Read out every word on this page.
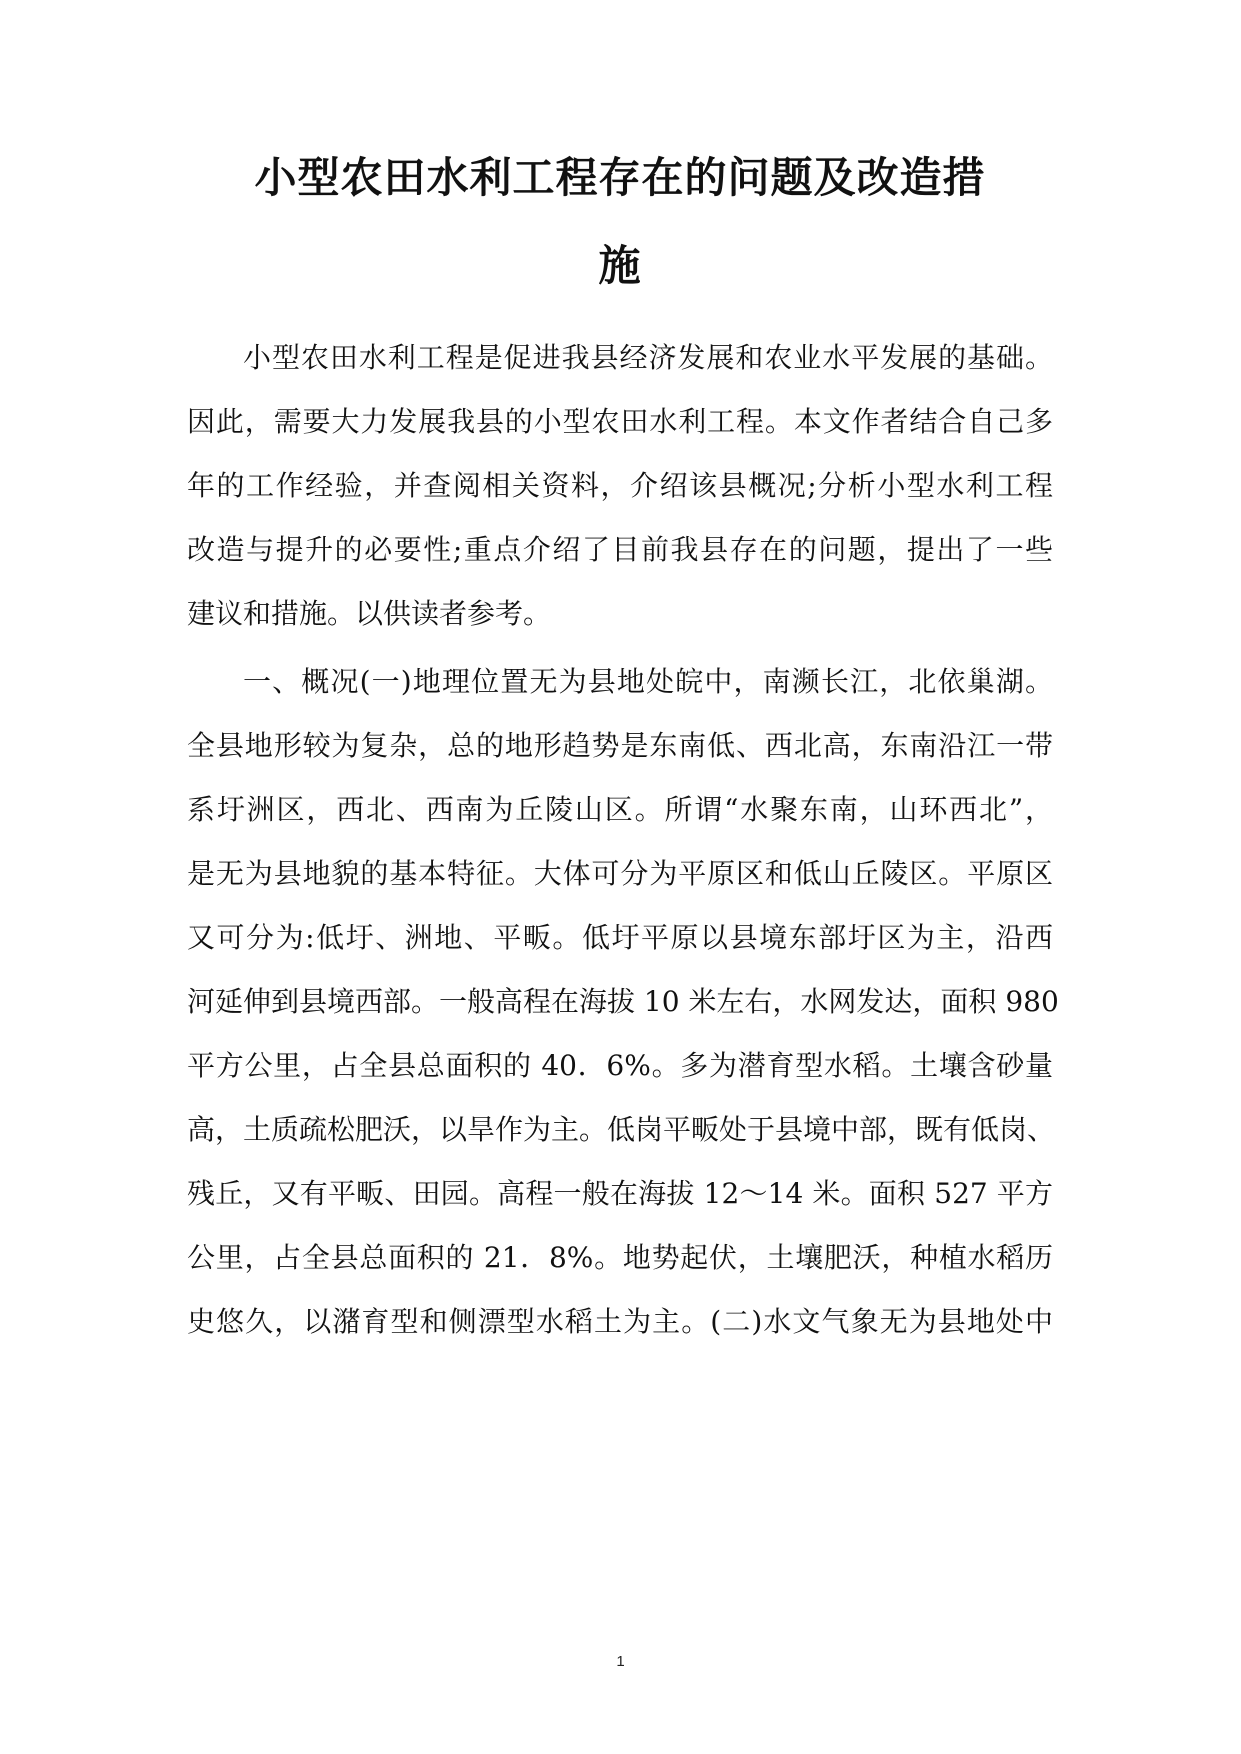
小型农田水利工程存在的问题及改造措
施
小型农田水利工程是促进我县经济发展和农业水平发展的基础。
因此，需要大力发展我县的小型农田水利工程。本文作者结合自己多
年的工作经验，并查阅相关资料，介绍该县概况;分析小型水利工程
改造与提升的必要性;重点介绍了目前我县存在的问题，提出了一些
建议和措施。以供读者参考。
一、概况(一)地理位置无为县地处皖中，南濒长江，北依巢湖。
全县地形较为复杂，总的地形趋势是东南低、西北高，东南沿江一带
系圩洲区，西北、西南为丘陵山区。所谓“水聚东南，山环西北”，
是无为县地貌的基本特征。大体可分为平原区和低山丘陵区。平原区
又可分为:低圩、洲地、平畈。低圩平原以县境东部圩区为主，沿西
河延伸到县境西部。一般高程在海拔 10 米左右，水网发达，面积 980
平方公里，占全县总面积的 40．6%。多为潜育型水稻。土壤含砂量
高，土质疏松肥沃，以旱作为主。低岗平畈处于县境中部，既有低岗、
残丘，又有平畈、田园。高程一般在海拔 12～14 米。面积 527 平方
公里，占全县总面积的 21．8%。地势起伏，土壤肥沃，种植水稻历
史悠久，以潴育型和侧漂型水稻土为主。(二)水文气象无为县地处中
1
